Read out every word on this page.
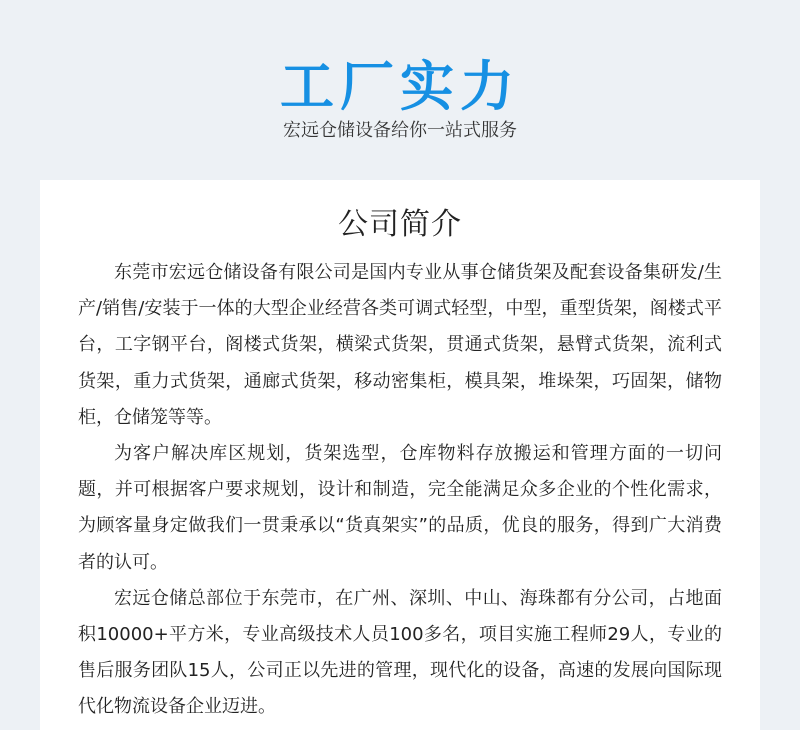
工厂实力
宏远仓储设备给你一站式服务
公司简介

东莞市宏远仓储设备有限公司是国内专业从事仓储货架及配套设备集研发/生产/销售/安装于一体的大型企业经营各类可调式轻型，中型，重型货架，阁楼式平台，工字钢平台，阁楼式货架，横梁式货架，贯通式货架，悬臂式货架，流利式货架，重力式货架，通廊式货架，移动密集柜，模具架，堆垛架，巧固架，储物柜，仓储笼等等。

为客户解决库区规划，货架选型，仓库物料存放搬运和管理方面的一切问题，并可根据客户要求规划，设计和制造，完全能满足众多企业的个性化需求，为顾客量身定做我们一贯秉承以“货真架实”的品质，优良的服务，得到广大消费者的认可。

宏远仓储总部位于东莞市，在广州、深圳、中山、海珠都有分公司，占地面积10000+平方米，专业高级技术人员100多名，项目实施工程师29人，专业的售后服务团队15人，公司正以先进的管理，现代化的设备，高速的发展向国际现代化物流设备企业迈进。
